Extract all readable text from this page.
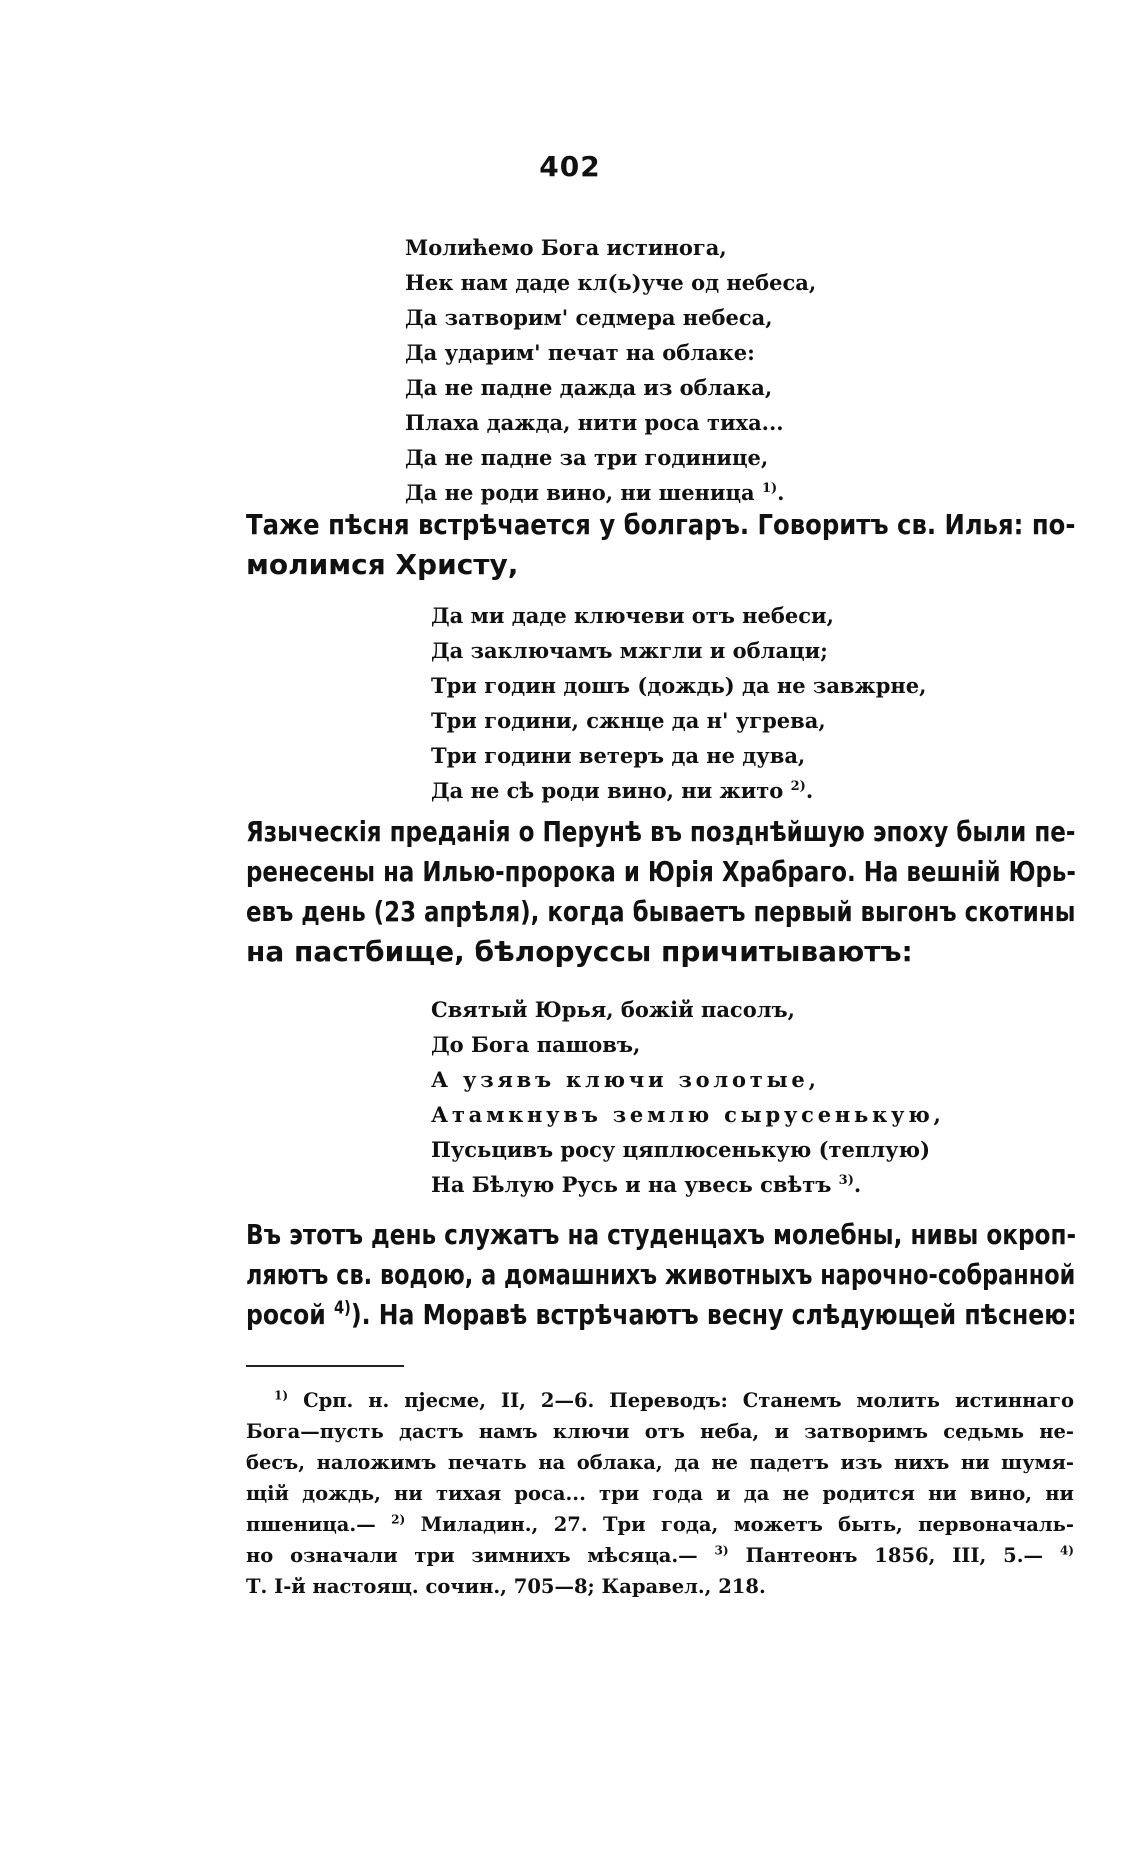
402
Молићемо Бога истинога,
Нек нам даде кл(ь)уче од небеса,
Да затворим' седмера небеса,
Да ударим' печат на облаке:
Да не падне дажда из облака,
Плаха дажда, нити роса тиха...
Да не падне за три годинице,
Да не роди вино, ни шеница $^{1)}$.
Таже пѣсня встрѣчается у болгаръ. Говоритъ св. Илья: по-
молимся Христу,
Да ми даде ключеви отъ небеси,
Да заключамъ мжгли и облаци;
Три годин дошъ (дождь) да не завжрне,
Три години, сжнце да н' угрева,
Три години ветеръ да не дува,
Да не сѣ роди вино, ни жито $^{2)}$.
Языческія преданія о Перунѣ въ позднѣйшую эпоху были пе-
ренесены на Илью-пророка и Юрія Храбраго. На вешній Юрь-
евъ день (23 апрѣля), когда бываетъ первый выгонъ скотины
на пастбище, бѣлоруссы причитываютъ:
Святый Юрья, божій пасолъ,
До Бога пашовъ,
А узявъ ключи золотые,
Атамкнувъ землю сырусенькую,
Пусьцивъ росу цяплюсенькую (теплую)
На Бѣлую Русь и на увесь свѣтъ $^{3)}$.
Въ этотъ день служатъ на студенцахъ молебны, нивы окроп-
ляютъ св. водою, а домашнихъ животныхъ нарочно-собранной
росой $^{4)}$). На Моравѣ встрѣчаютъ весну слѣдующей пѣснею:
$^{1)}$ Срп. н. пјесме, II, 2—6. Переводъ: Станемъ молить истиннаго
Бога—пусть дастъ намъ ключи отъ неба, и затворимъ седьмь не-
бесъ, наложимъ печать на облака, да не падетъ изъ нихъ ни шумя-
щій дождь, ни тихая роса... три года и да не родится ни вино, ни
пшеница.— $^{2)}$ Миладин., 27. Три года, можетъ быть, первоначаль-
но означали три зимнихъ мѣсяца.— $^{3)}$ Пантеонъ 1856, III, 5.— $^{4)}$
Т. I-й настоящ. сочин., 705—8; Каравел., 218.
